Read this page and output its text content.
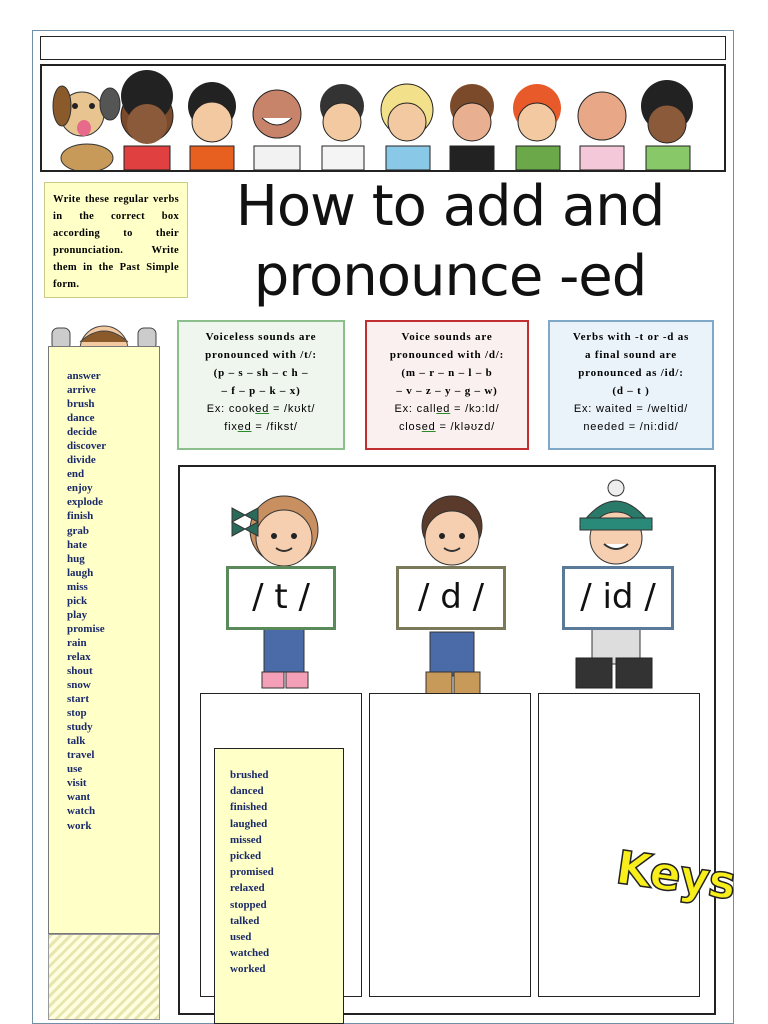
Write these regular verbs in the correct box according to their pronunciation. Write them in the Past Simple form.
How to add and
pronounce -ed
Voiceless sounds are
pronounced with /t/:
(p – s – sh – c h –
– f – p – k – x)
Ex: cooked = /kʊkt/
fixed = /fikst/
Voice sounds are
pronounced with /d/:
(m – r – n – l – b
– v – z – y – g – w)
Ex: called = /kɔ:ld/
closed = /kləʊzd/
Verbs with -t or -d as
a final sound are
pronounced as /id/:
(d – t )
Ex: waited = /weltid/
needed = /ni:did/
answer
arrive
brush
dance
decide
discover
divide
end
enjoy
explode
finish
grab
hate
hug
laugh
miss
pick
play
promise
rain
relax
shout
snow
start
stop
study
talk
travel
use
visit
want
watch
work
/ t /	/ d /	/ id /
brushed
danced
finished
laughed
missed
picked
promised
relaxed
stopped
talked
used
watched
worked
Keys
